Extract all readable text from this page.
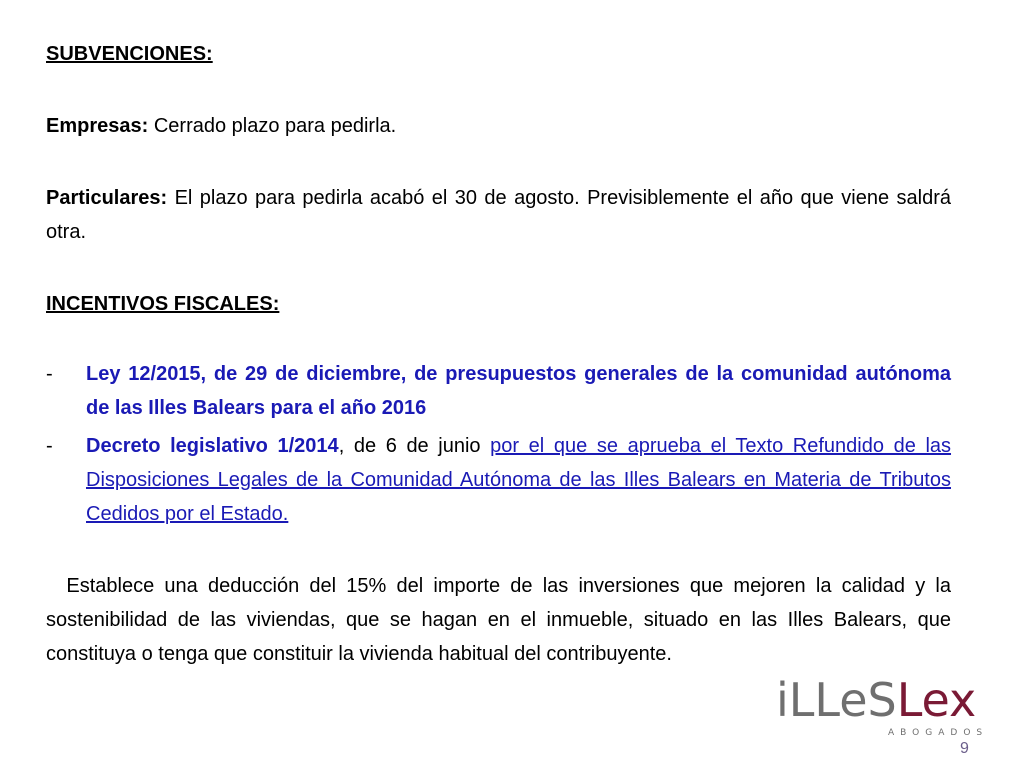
SUBVENCIONES:

Empresas: Cerrado plazo para pedirla.

Particulares: El plazo para pedirla acabó el 30 de agosto. Previsiblemente el año que viene saldrá otra.

INCENTIVOS FISCALES:

- Ley 12/2015, de 29 de diciembre, de presupuestos generales de la comunidad autónoma de las Illes Balears para el año 2016
- Decreto legislativo 1/2014, de 6 de junio por el que se aprueba el Texto Refundido de las Disposiciones Legales de la Comunidad Autónoma de las Illes Balears en Materia de Tributos Cedidos por el Estado.

Establece una deducción del 15% del importe de las inversiones que mejoren la calidad y la sostenibilidad de las viviendas, que se hagan en el inmueble, situado en las Illes Balears, que constituya o tenga que constituir la vivienda habitual del contribuyente.

iLLeSLex
ABOGADOS
9
